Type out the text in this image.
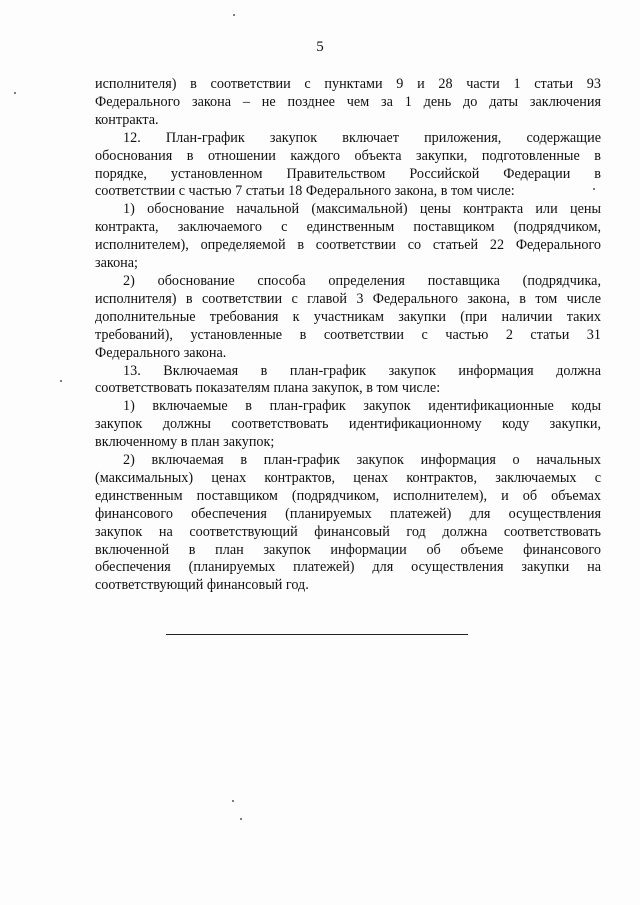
5

исполнителя) в соответствии с пунктами 9 и 28 части 1 статьи 93
Федерального закона – не позднее чем за 1 день до даты заключения
контракта.

12. План-график закупок включает приложения, содержащие
обоснования в отношении каждого объекта закупки, подготовленные в
порядке, установленном Правительством Российской Федерации в
соответствии с частью 7 статьи 18 Федерального закона, в том числе:

1) обоснование начальной (максимальной) цены контракта или цены
контракта, заключаемого с единственным поставщиком (подрядчиком,
исполнителем), определяемой в соответствии со статьей 22 Федерального
закона;

2) обоснование способа определения поставщика (подрядчика,
исполнителя) в соответствии с главой 3 Федерального закона, в том числе
дополнительные требования к участникам закупки (при наличии таких
требований), установленные в соответствии с частью 2 статьи 31
Федерального закона.

13. Включаемая в план-график закупок информация должна
соответствовать показателям плана закупок, в том числе:

1) включаемые в план-график закупок идентификационные коды
закупок должны соответствовать идентификационному коду закупки,
включенному в план закупок;

2) включаемая в план-график закупок информация о начальных
(максимальных) ценах контрактов, ценах контрактов, заключаемых с
единственным поставщиком (подрядчиком, исполнителем), и об объемах
финансового обеспечения (планируемых платежей) для осуществления
закупок на соответствующий финансовый год должна соответствовать
включенной в план закупок информации об объеме финансового
обеспечения (планируемых платежей) для осуществления закупки на
соответствующий финансовый год.
